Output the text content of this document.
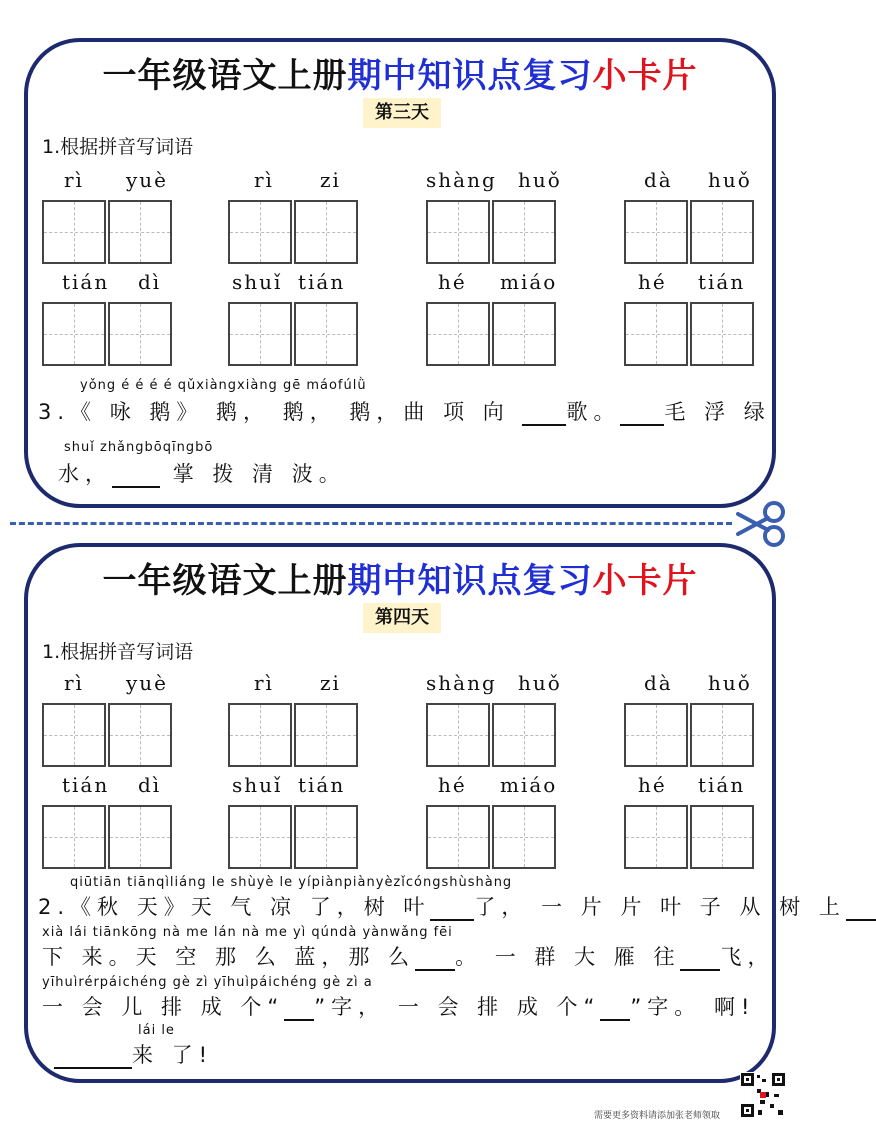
一年级语文上册期中知识点复习小卡片
第三天
1.根据拼音写词语
rì yuè	rì zi	shàng huǒ	dà huǒ
tián dì	shuǐ tián	hé miáo	hé tián
yǒng é é é é qǔxiàngxiàng gē máofúlǜ
3.《 咏 鹅》 鹅， 鹅， 鹅，曲 项 向	歌。 毛 浮 绿
shuǐ zhǎngbōqīngbō
水，	掌 拨 清 波。
一年级语文上册期中知识点复习小卡片
第四天
1.根据拼音写词语
rì yuè	rì zi	shàng huǒ	dà huǒ
tián dì	shuǐ tián	hé miáo	hé tián
qiūtiān tiānqìliáng le shùyè le yípiànpiànyèzǐcóngshùshàng
2.《秋 天》天 气 凉 了，树 叶 了， 一 片 片 叶 子 从 树 上
xià lái tiānkōng nà me lán nà me yì qúndà yànwǎng fēi
下 来。天 空 那 么 蓝，那 么 。 一 群 大 雁 往 飞，
yīhuìrérpáichéng gè zì yīhuìpáichéng gè zì a
一 会 儿 排 成 个“ ”字， 一 会 排 成 个“ ”字。 啊!
lái le
来 了!
需要更多资料请添加张老师领取
